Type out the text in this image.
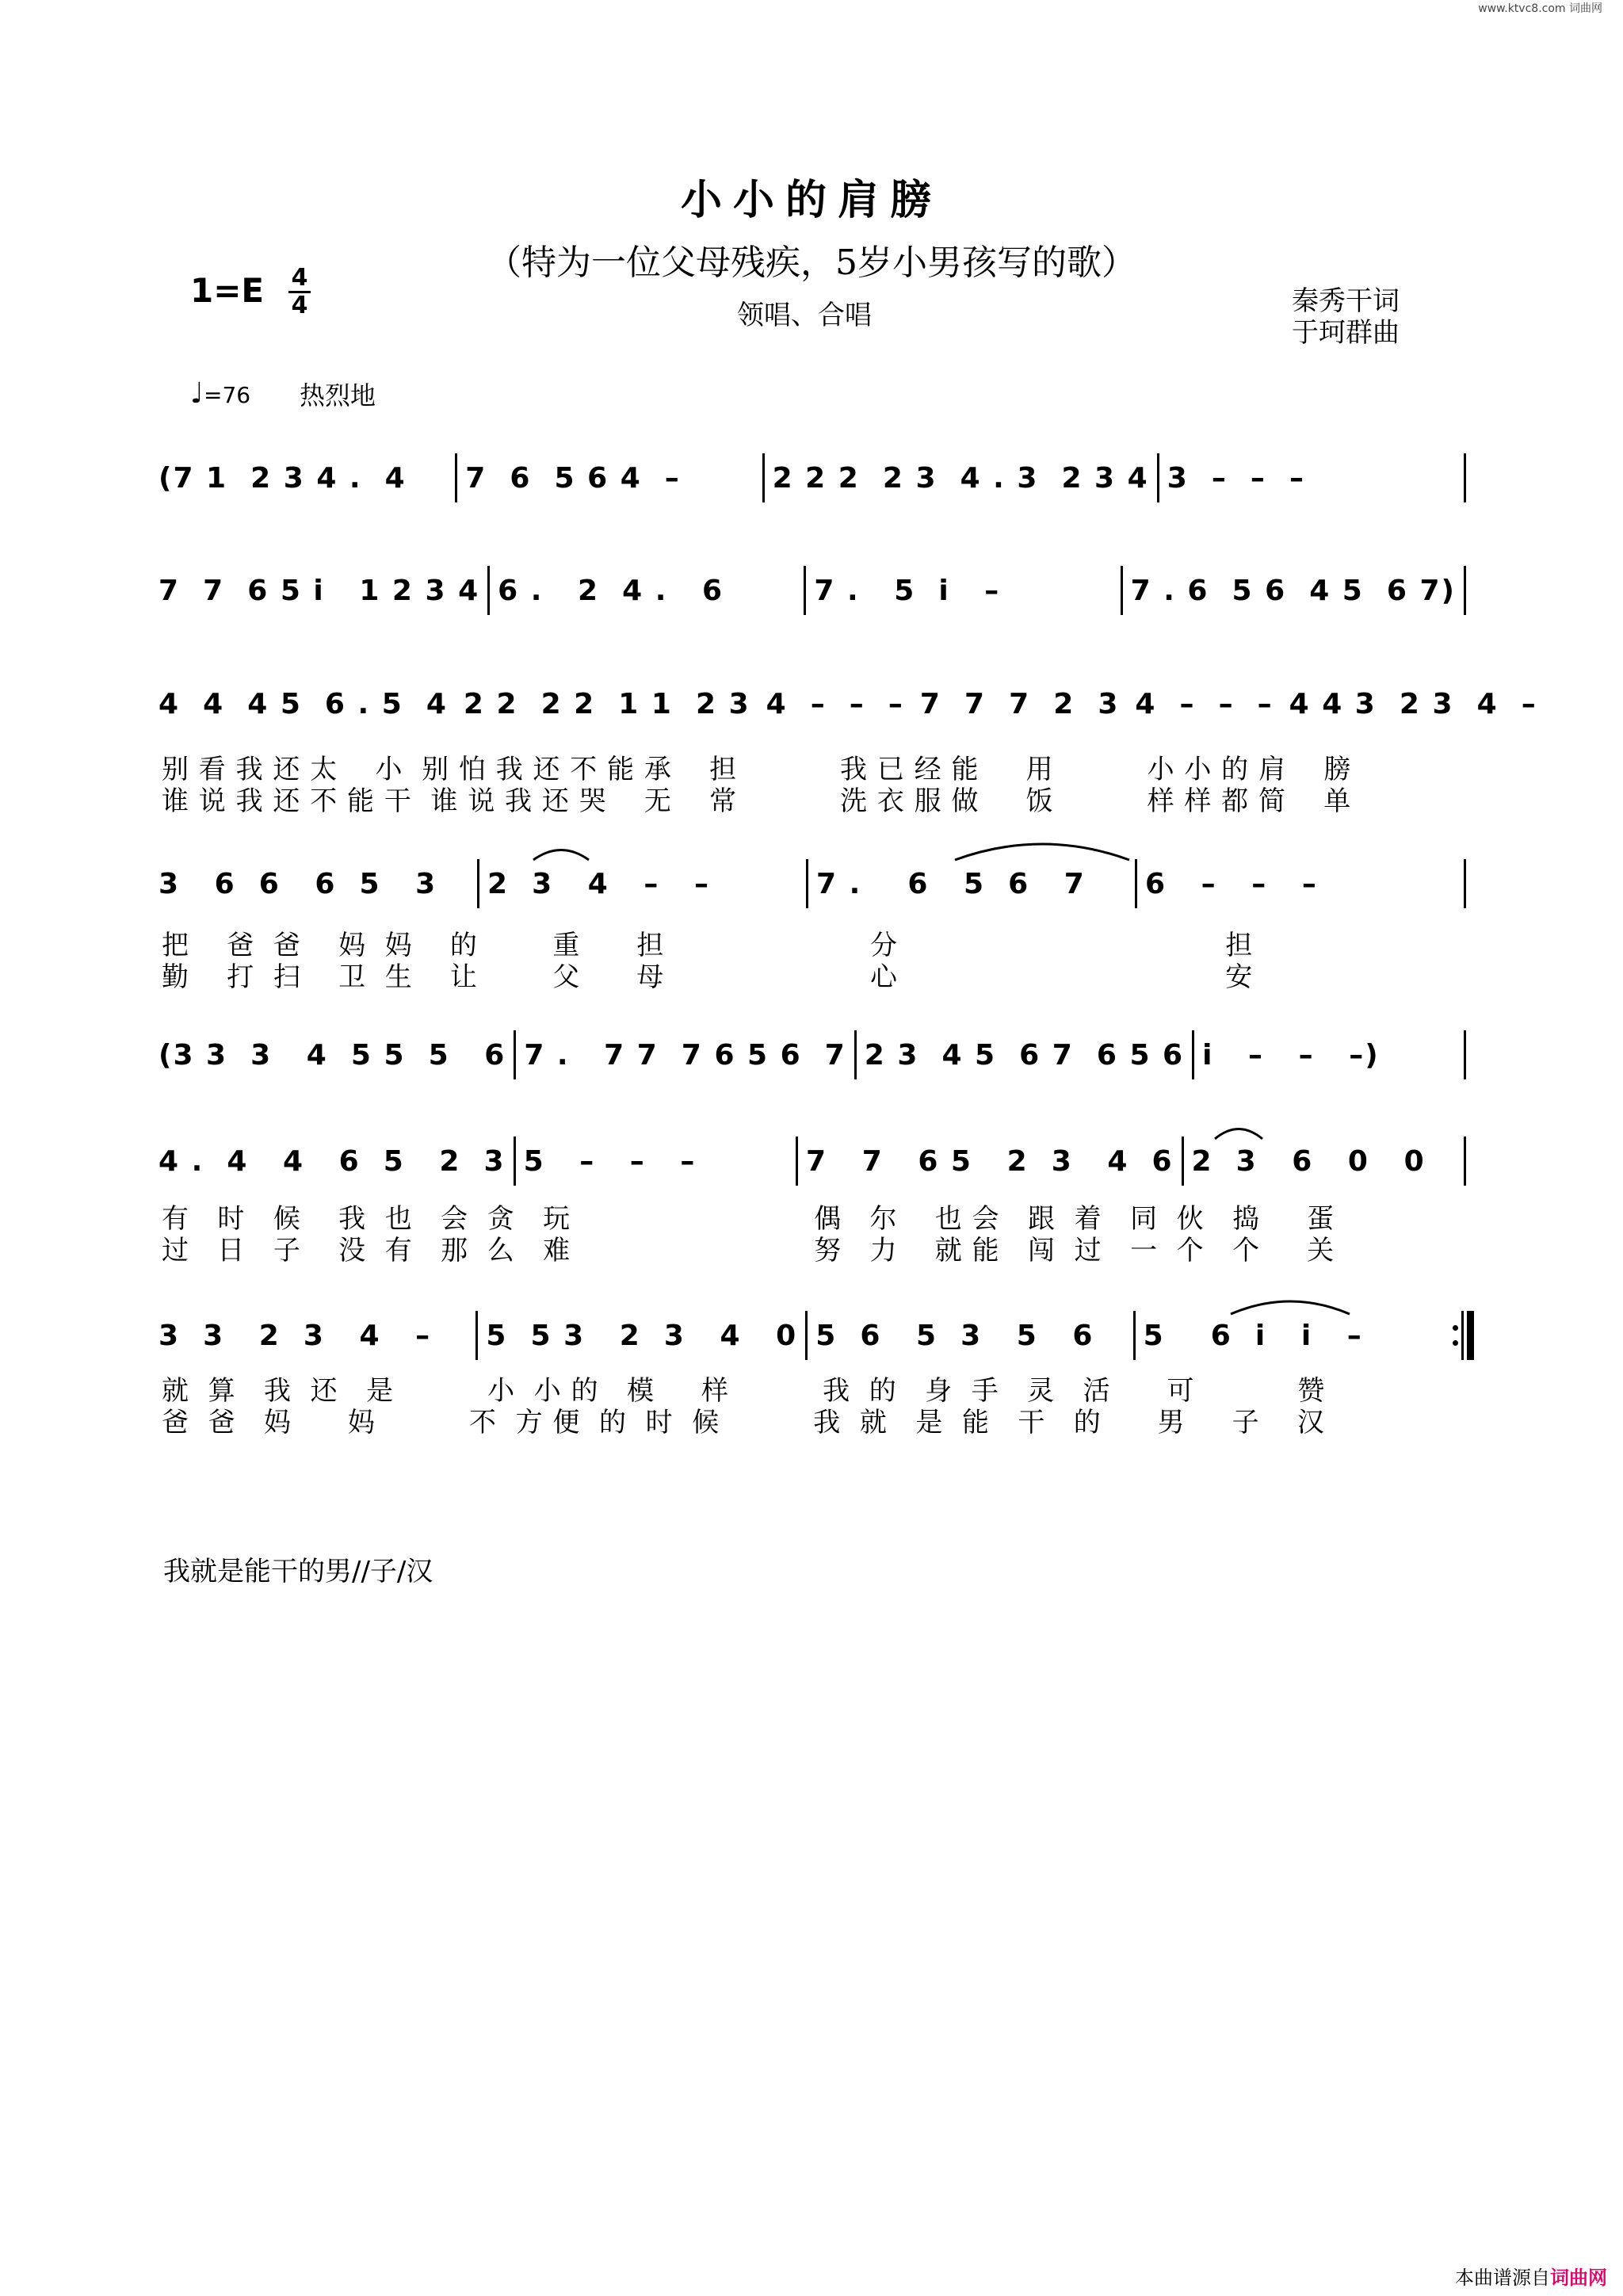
www.ktvc8.com 词曲网
小小的肩膀
（特为一位父母残疾，5岁小男孩写的歌）
领唱、合唱	秦秀干词
于珂群曲
1=E 4
4
♩=76 热烈地
(7 1  2 3 4 .  4	7  6  5 6 4  –	2 2 2  2 3  4 . 3  2 3 4 3  –  –  –
7  7  6 5 i   1 2 3 4 6 .   2  4 .   6	7 .   5  i   –	7 . 6  5 6  4 5  6 7)
4  4  4 5  6 . 5  4 2 2  2 2  1 1  2 3 4  –  –  – 7  7  7  2  3 4  –  –  – 4 4 3  2 3  4  –
3   6  6   6  5   3	2  3   4   –   –	7 .    6   5  6   7	6   –   –   –
(3 3  3   4  5 5  5   6 7 .   7 7  7 6 5 6  7 2 3  4 5  6 7  6 5 6 i   –   –   –)
4 .  4   4   6  5   2  3 5   –   –   –	7   7   6 5   2  3   4  6 2  3   6   0   0
3  3   2  3   4   –	5  5 3   2  3   4   0 5  6   5  3   5   6	5    6  i   i   –
别 看 我 还 太    小  别 怕 我 还 不 能 承    担           我 已 经 能     用          小 小 的 肩    膀
谁 说 我 还 不 能 干  谁 说 我 还 哭    无    常           洗 衣 服 做     饭          样 样 都 简    单
把    爸  爸    妈  妈    的        重      担                      分                                   担
勤    打  扫    卫  生    让        父      母                      心                                   安
有   时   候    我  也   会  贪   玩                          偶   尔    也 会   跟  着   同  伙   捣     蛋
过   日   子    没  有   那  么   难                          努   力    就 能   闯  过   一  个   个     关
就  算   我  还   是          小  小 的   模     样          我  的   身  手   灵   活      可           赞
爸  爸   妈      妈          不  方 便  的  时  候          我  就   是  能   干   的      男     子    汉
我就是能干的男//子/汉
本曲谱源自词曲网
